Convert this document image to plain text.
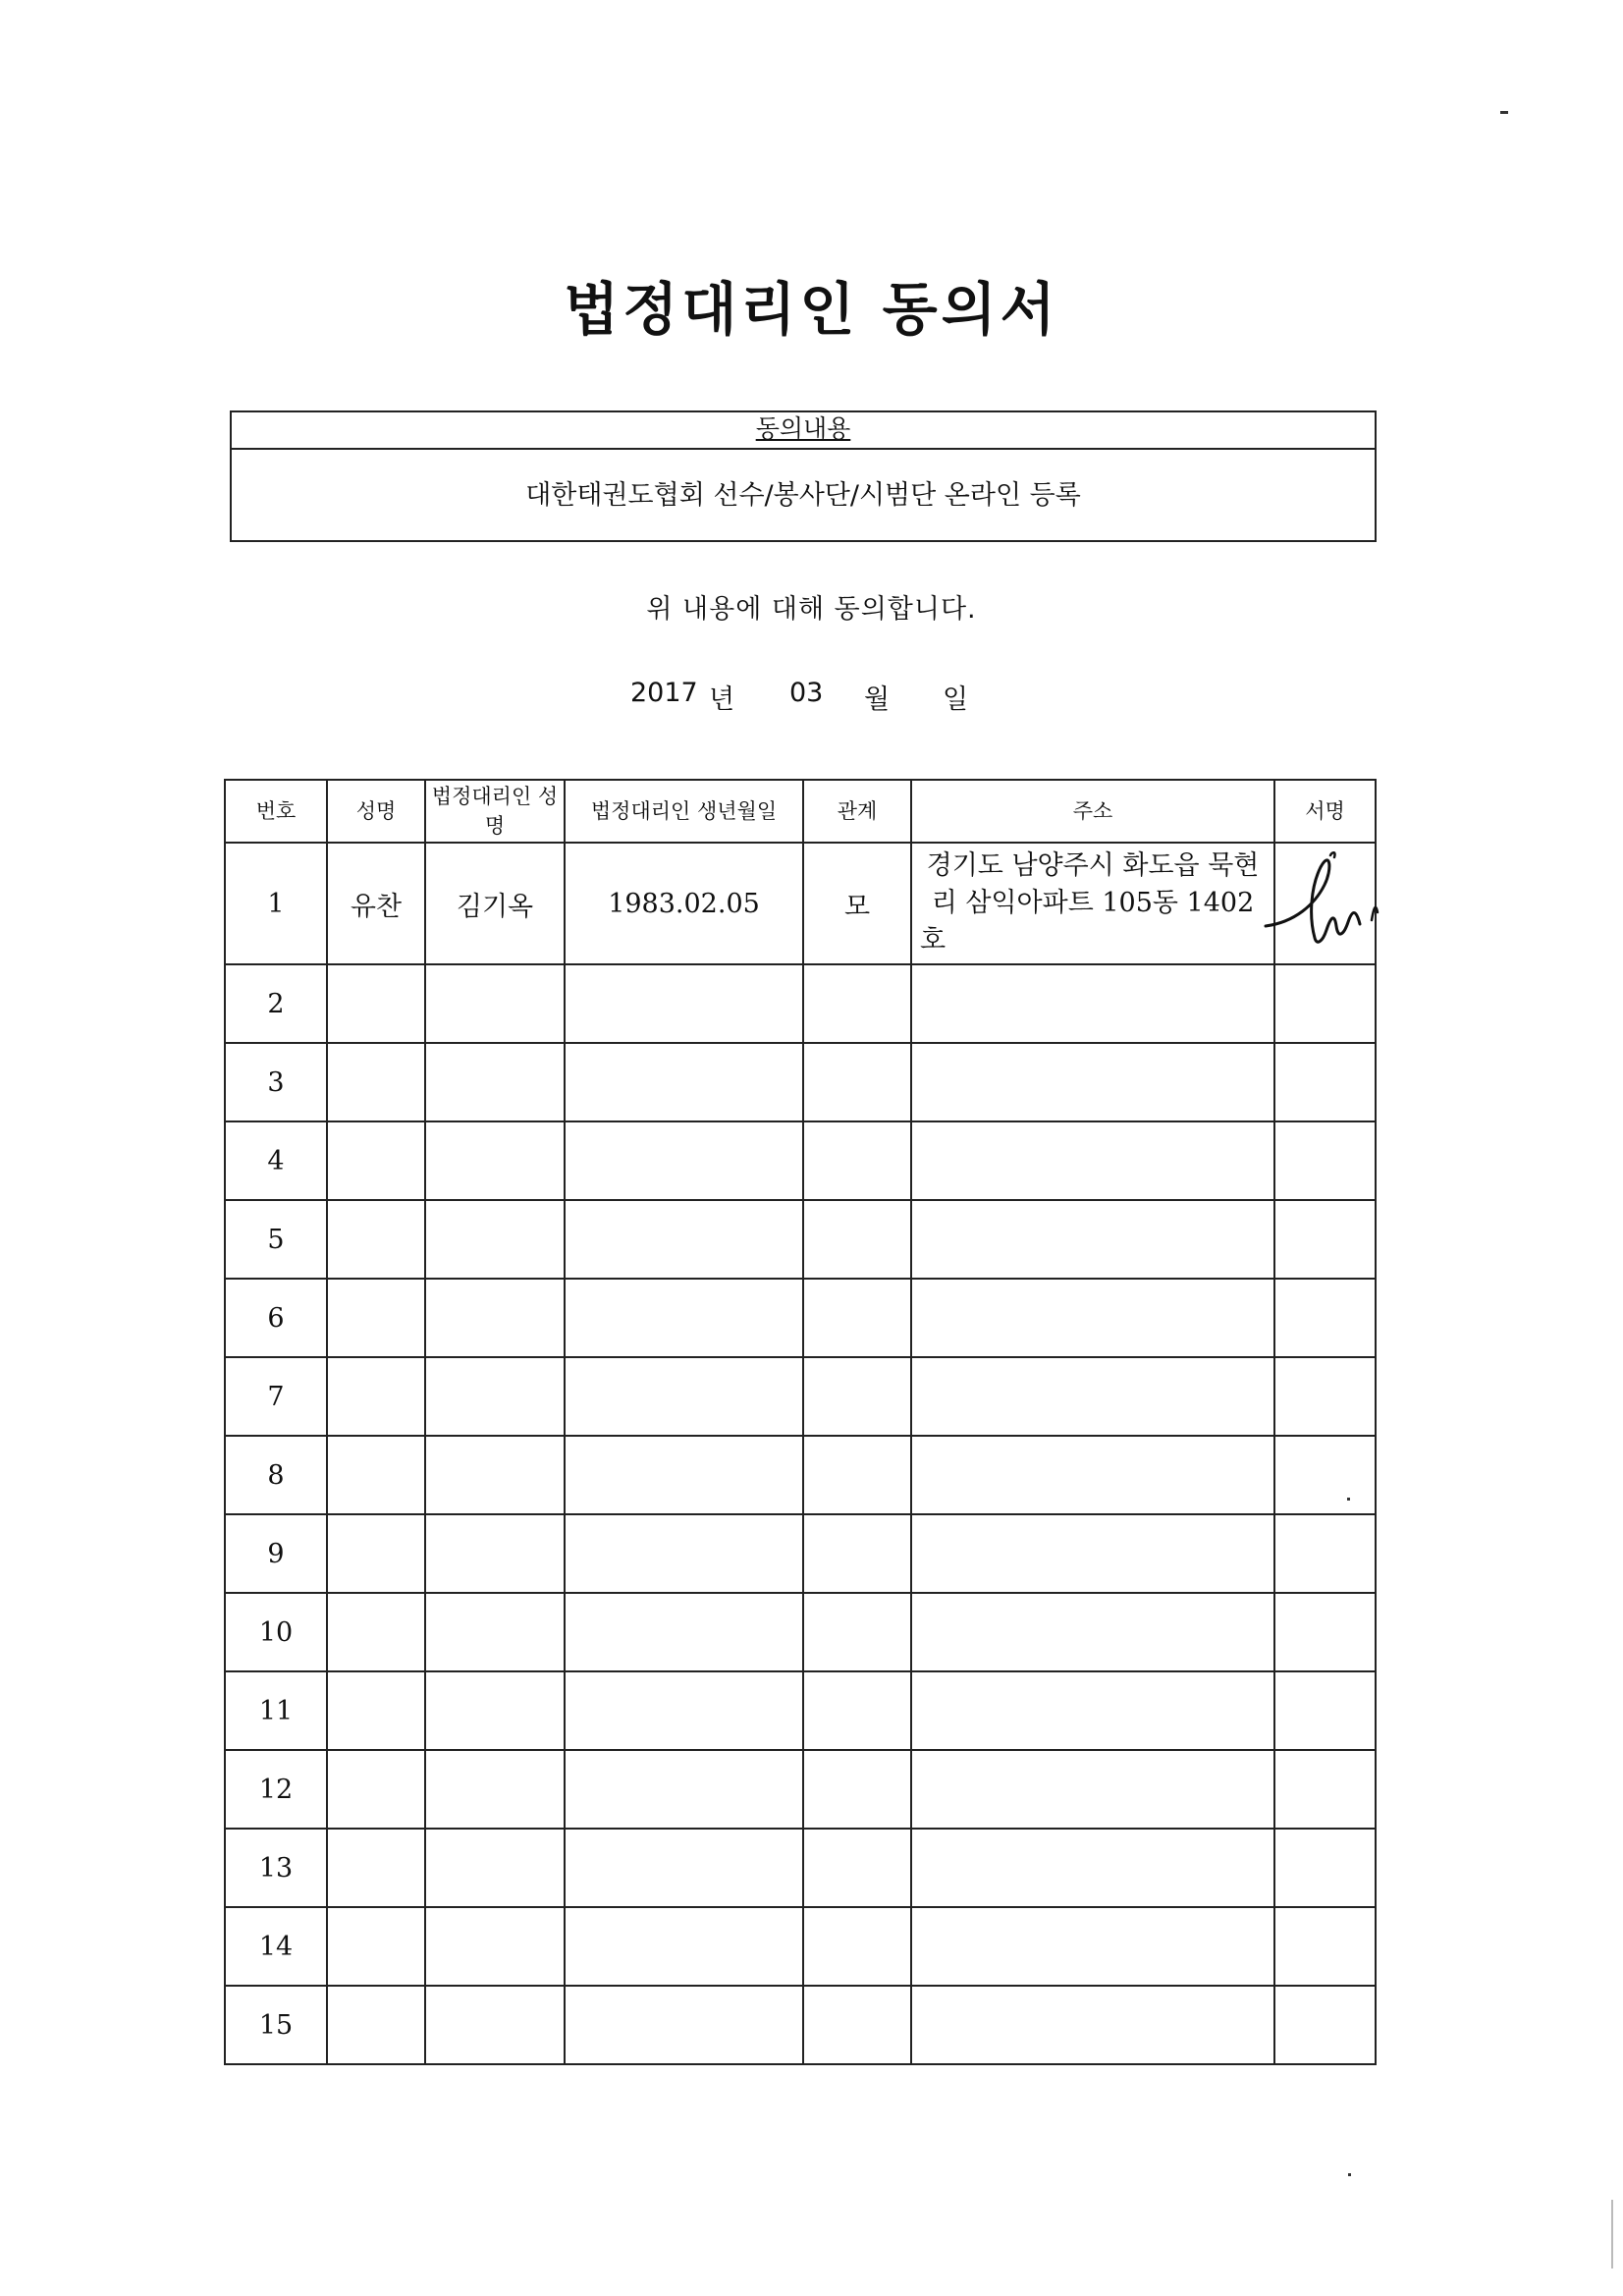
법정대리인 동의서
동의내용
대한태권도협회 선수/봉사단/시범단 온라인 등록
위 내용에 대해 동의합니다.
2017 년 03 월 일
번호	성명	법정대리인 성명	법정대리인 생년월일	관계	주소	서명
1	유찬	김기옥	1983.02.05	모	경기도 남양주시 화도읍 묵현리 삼익아파트 105동 1402호	

2						
3						
4						
5						
6						
7						
8						
9						
10						
11						
12						
13						
14						
15						
